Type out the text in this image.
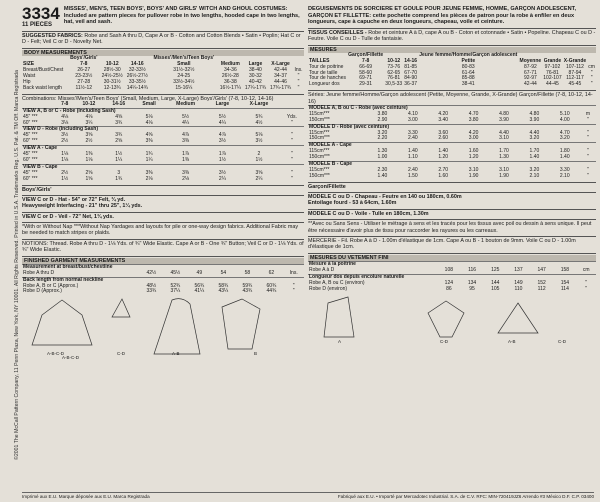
©2001 The McCall Pattern Company, 11 Penn Plaza, New York, NY 10001. All Rights Reserved. Printed in U.S.A. Trademarks Reg. U.S. Pat. & TM Off. Marca Registrada
3334
11 PIECES
MISSES', MEN'S, TEEN BOYS', BOYS' AND GIRLS' WITCH AND GHOUL COSTUMES: Included are pattern pieces for pullover robe in two lengths, hooded cape in two lengths, hat, veil and sash.
SUGGESTED FABRICS: Robe and Sash A thru D, Cape A or B - Cotton and Cotton Blends • Satin • Poplin; Hat C or D - Felt; Veil C or D - Novelty Net.
BODY MEASUREMENTS
	Boys'/Girls'			Misses'/Men's/Teen Boys'				
SIZE	7-8	10-12	14-16	Small	Medium	Large	X-Large	
Breast/Bust/Chest	26-27	28½-30	32-33½	31½-32½	34-36	38-40	42-44	Ins.
Waist	23-23½	24½-25½	26½-27½	24-25	26½-28	30-32	34-37	"
Hip	27-28	30-31½	33-35½	33½-34½	36-38	40-42	44-46	"
Back waist length	11½-12	12-13¾	14¼-14¾	15-16¼	16½-17¼	17¼-17¾	17¾-17¾	"
Combinations: Misses'/Men's/Teen Boys' (Small, Medium, Large, X-Large) Boys'/Girls' (7-8, 10-12, 14-16)
	7-8	10-12	14-16	Small	Medium	Large	X-Large	
VIEW A, B or C - Robe (Including Sash)								
45" ***	4⅛	4⅛	4⅝	5⅛	5½	5½	5¾	Yds.
60" ***	3⅛	3¼	3¾	4⅛	4¼	4¼	4½	"
VIEW D - Robe (Including Sash)								
45" ***	3½	3⅝	3¾	4⅝	4⅞	4⅞	5⅛	"
60" ***	2½	2½	2⅝	3⅜	3⅜	3½	3½	"
VIEW A - Cape								
45" ***	1⅛	1⅜	1½	1¾	1⅞	1⅞	2	"
60" ***	1⅛	1⅛	1¼	1¼	1⅜	1½	1½	"
VIEW B - Cape								
45" ***	2½	2⅝	3	3⅜	3⅜	3½	3⅝	"
60" ***	1½	1⅝	1¾	2⅛	2⅛	2¼	2¼	"
Boys'/Girls'
VIEW C or D - Hat - 54" or 72" Felt, ¾ yd.
Heavyweight Interfacing - 21" thru 25", 1¼ yds.
VIEW C or D - Veil - 72" Net, 1¾ yds.
*With or Without Nap ***Without Nap Yardages and layouts for pile or one-way design fabrics. Additional Fabric may be needed to match stripes or plaids.
NOTIONS: Thread. Robe A thru D - 1⅛ Yds. of ¾" Wide Elastic. Cape A or B - One ¾" Button; Veil C or D - 1⅛ Yds. of ¾" Wide Elastic.
FINISHED GARMENT MEASUREMENTS
Measurement at breast/bust/chestline							
Robe A thru D	42½	45½	49	54	58	62	Ins.
Back length from normal neckline							
Robe A, B or C (Approx.)	48½	52¾	56¾	58¾	59¾	60¾	"
Robe D (Approx.)	33¾	37¼	41¼	43¼	43¾	44¾	"
A-B	B
A-B-C-D	C-D
A-B-C-D
DEGUISEMENTS DE SORCIERE ET GOULE POUR JEUNE FEMME, HOMME, GARÇON ADOLESCENT, GARÇON ET FILLETTE: cette pochette comprend les pièces de patron pour la robe à enfiler en deux longueurs, cape à capuche en deux longueurs, chapeau, voile et ceinture.
TISSUS CONSEILLES - Robe et ceinture A à D, cape A ou B - Coton et cotonnade • Satin • Popeline. Chapeau C ou D - Feutre. Voile C ou D - Tulle de fantaisie.
MESURES
	Garçon/Fillette			Jeune femme/Homme/Garçon adolescent				
TAILLES	7-8	10-12	14-16	Petite	Moyenne	Grande	X-Grande	
Tour de poitrine	66-69	73-76	81-85	80-83	87-92	97-102	107-112	cm
Tour de taille	58-60	62-65	67-70	61-64	67-71	76-81	87-94	"
Tour de hanches	69-71	76-81	84-90	85-88	92-97	102-107	112-117	"
Longueur dos	29-31	30,5-33	36-37	38-41	42-44	44-45	45-45	"
Séries: Jeune femme/Homme/Garçon adolescent (Petite, Moyenne, Grande, X-Grande) Garçon/Fillette (7-8, 10-12, 14-16)
MODELE A, B ou C - Robe (avec ceinture)								
115cm***	3.80	4.10	4.20	4.70	4.80	4.80	5.10	m
150cm***	2.90	3.00	3.40	3.80	3.90	3.90	4.00	"
MODELE D - Robe (avec ceinture)								
115cm***	3.20	3.30	3.60	4.20	4.40	4.40	4.70	"
150cm***	2.20	2.40	2.60	3.00	3.10	3.20	3.20	"
MODELE A - Cape								
115cm***	1.30	1.40	1.40	1.60	1.70	1.70	1.80	"
150cm***	1.00	1.10	1.20	1.20	1.30	1.40	1.40	"
MODELE B - Cape								
115cm***	2.30	2.40	2.70	3.10	3.10	3.20	3.30	"
150cm***	1.40	1.50	1.60	1.90	1.90	2.10	2.10	"
Garçon/Fillette
MODELE C ou D - Chapeau - Feutre en 140 ou 180cm, 0.60m
Entoilage fourd - 53 à 64cm, 1.60m
MODELE C ou D - Voile - Tulle en 180cm, 1.30m
**Avec ou Sans Sens - Utiliser le métrage à sens et les tracés pour les tissus avec poil ou dessin à sens unique. Il peut être nécessaire d'avoir plus de tissu pour raccorder les rayures ou les carreaux.
MERCERIE - Fil. Robe A à D - 1.00m d'élastique de 1cm. Cape A ou B - 1 bouton de 9mm. Voile C ou D - 1.00m d'élastique de 1cm.
MESURES DU VETEMENT FINI
Mesure à la poitrine							
Robe A à D	108	116	125	137	147	158	cm
Longueur dos depuis encolure naturelle							
Robe A, B ou C (environ)	124	134	144	149	152	154	"
Robe D (environ)	86	95	105	110	112	114	"
A	C-D	A-B	C-D
Imprimé aux E.U. Marque déposée aux E.U. Marca Registrada	Fabriqué aux E.U. • Importé par Mercadotec Industrial. S.A. de C.V. RFC: MIN-720419JZ6 Arrendo #3 México D.F. C.P. 03400
